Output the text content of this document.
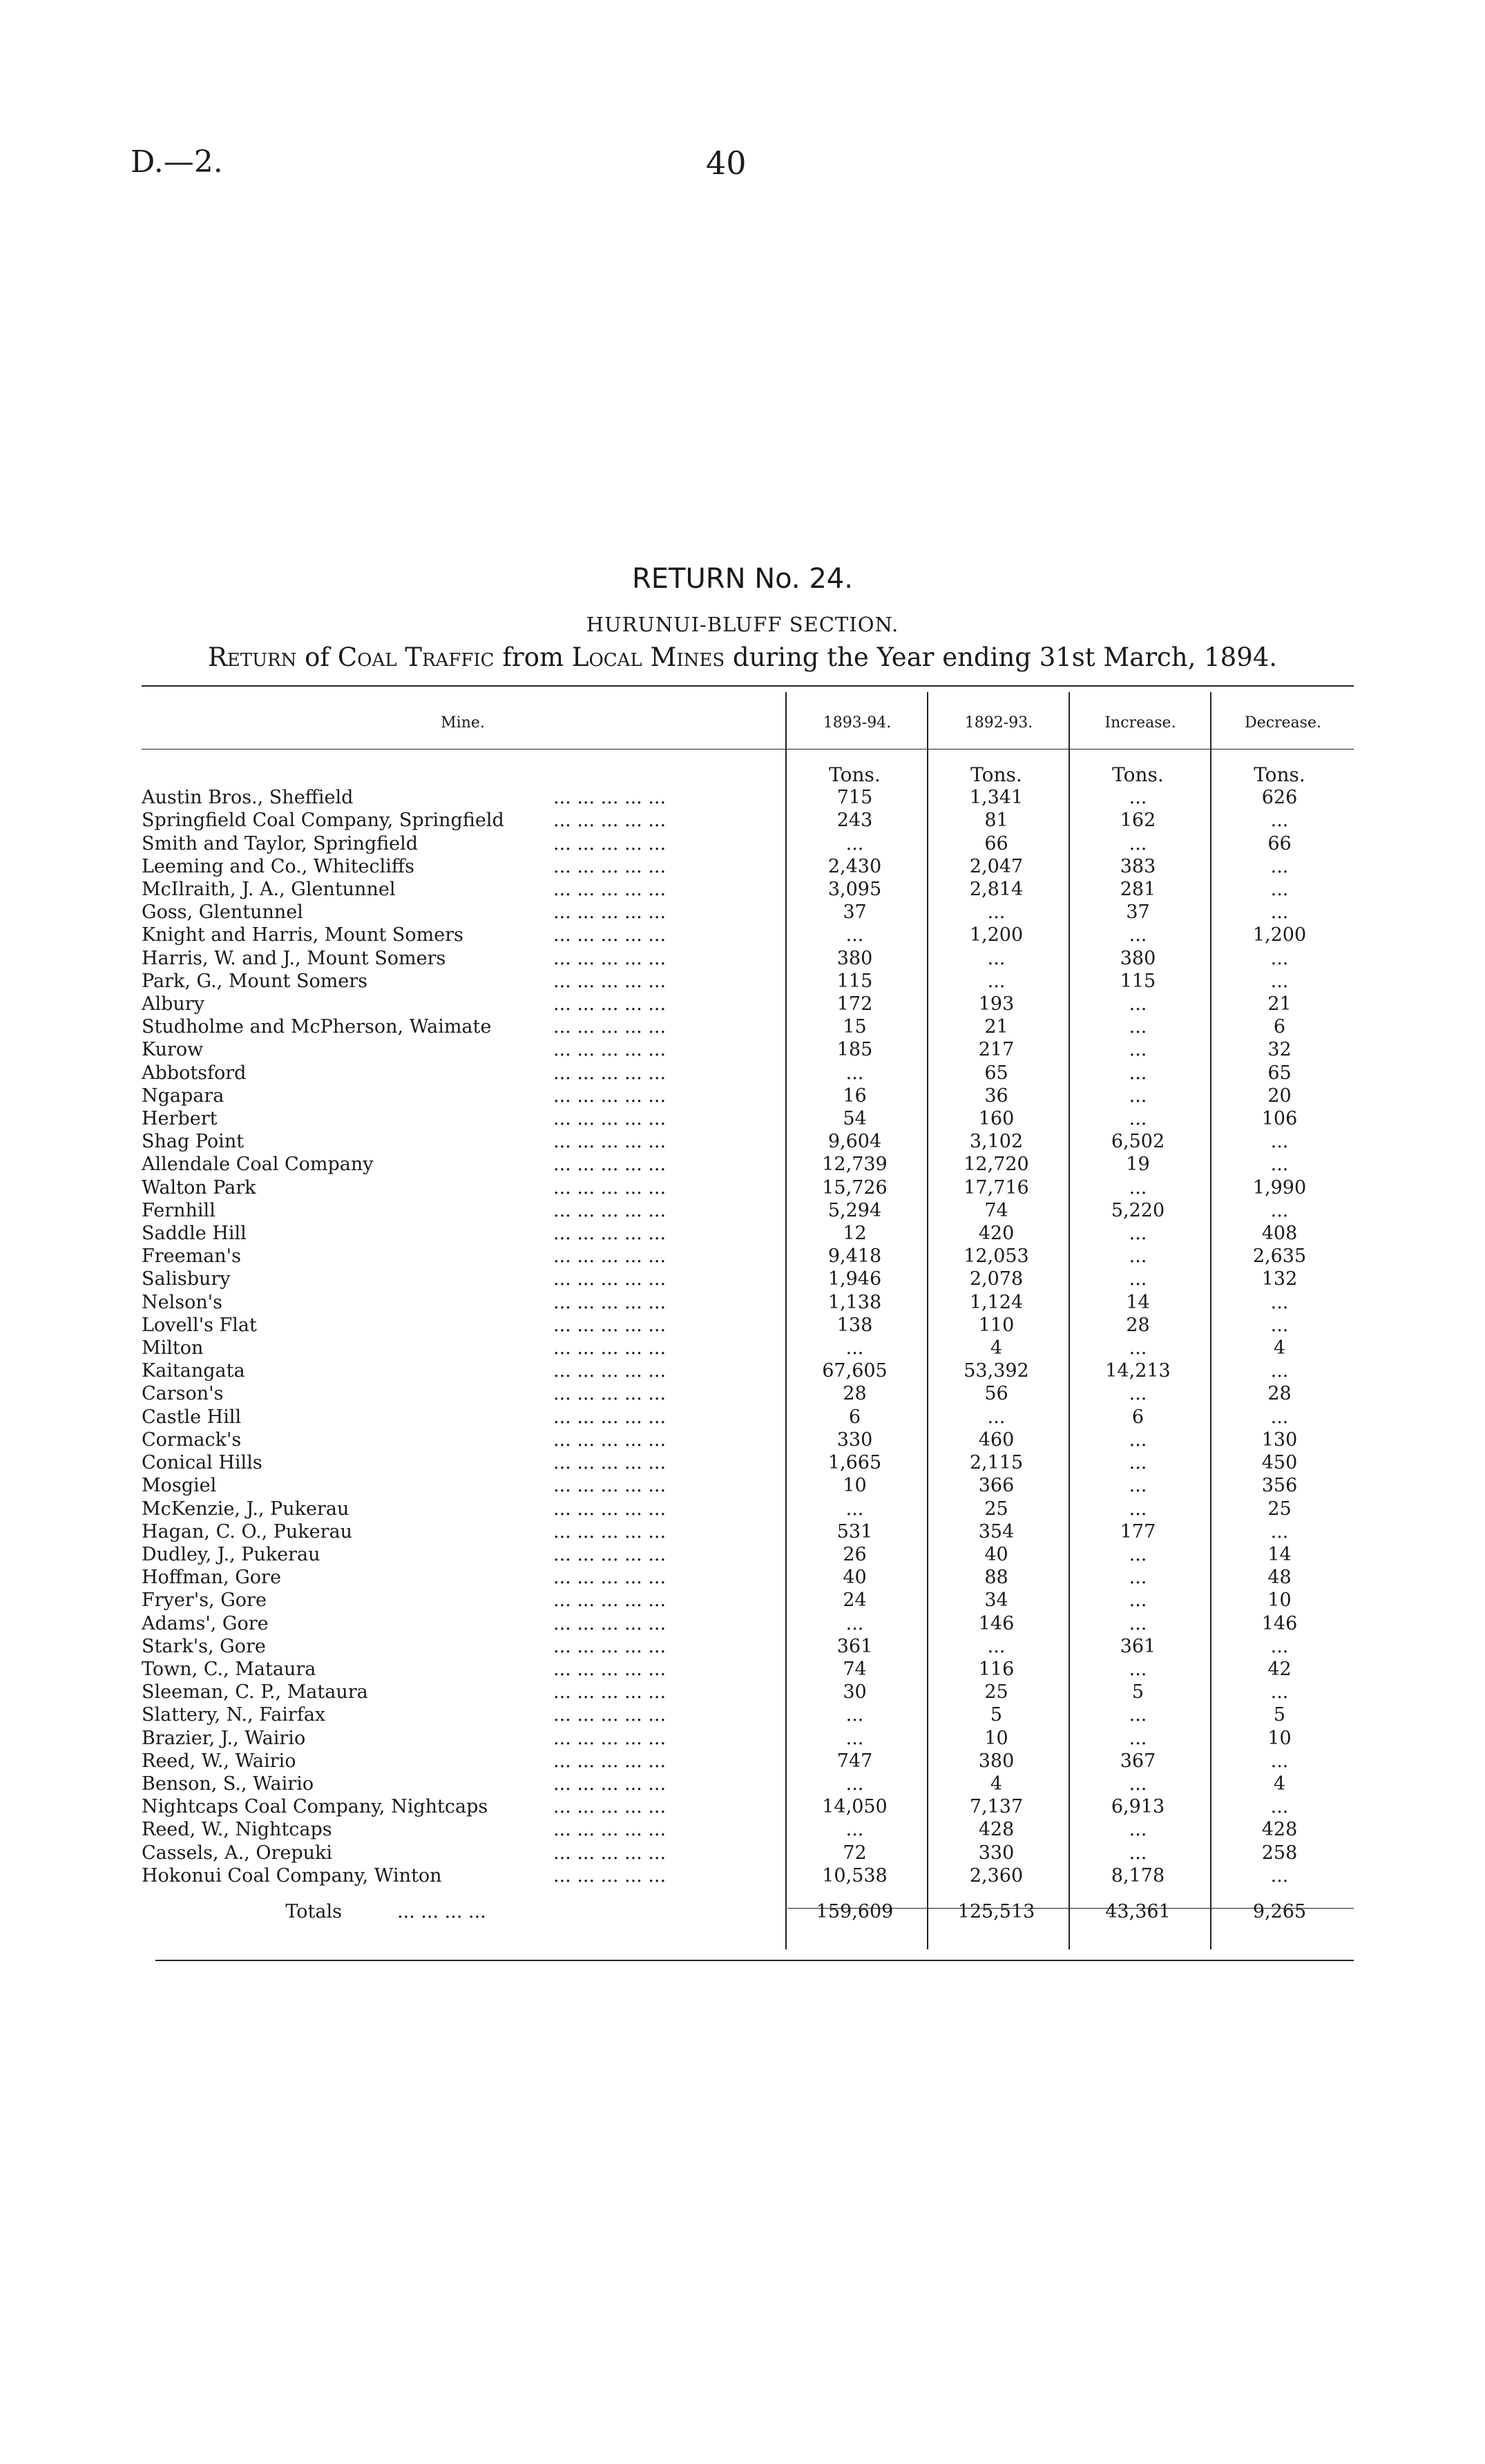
D.—2.	40
RETURN No. 24.
HURUNUI-BLUFF SECTION.
Return of Coal Traffic from Local Mines during the Year ending 31st March, 1894.
Mine.	1893-94.	1892-93.	Increase.	Decrease.
	Tons.	Tons.	Tons.	Tons.
Austin Bros., Sheffield ... ... ... ... ...	715	1,341	...	626
Springfield Coal Company, Springfield ... ... ... ... ...	243	81	162	...
Smith and Taylor, Springfield ... ... ... ... ...	...	66	...	66
Leeming and Co., Whitecliffs ... ... ... ... ...	2,430	2,047	383	...
McIlraith, J. A., Glentunnel ... ... ... ... ...	3,095	2,814	281	...
Goss, Glentunnel ... ... ... ... ...	37	...	37	...
Knight and Harris, Mount Somers ... ... ... ... ...	...	1,200	...	1,200
Harris, W. and J., Mount Somers ... ... ... ... ...	380	...	380	...
Park, G., Mount Somers ... ... ... ... ...	115	...	115	...
Albury ... ... ... ... ...	172	193	...	21
Studholme and McPherson, Waimate ... ... ... ... ...	15	21	...	6
Kurow ... ... ... ... ...	185	217	...	32
Abbotsford ... ... ... ... ...	...	65	...	65
Ngapara ... ... ... ... ...	16	36	...	20
Herbert ... ... ... ... ...	54	160	...	106
Shag Point ... ... ... ... ...	9,604	3,102	6,502	...
Allendale Coal Company ... ... ... ... ...	12,739	12,720	19	...
Walton Park ... ... ... ... ...	15,726	17,716	...	1,990
Fernhill ... ... ... ... ...	5,294	74	5,220	...
Saddle Hill ... ... ... ... ...	12	420	...	408
Freeman's ... ... ... ... ...	9,418	12,053	...	2,635
Salisbury ... ... ... ... ...	1,946	2,078	...	132
Nelson's ... ... ... ... ...	1,138	1,124	14	...
Lovell's Flat ... ... ... ... ...	138	110	28	...
Milton ... ... ... ... ...	...	4	...	4
Kaitangata ... ... ... ... ...	67,605	53,392	14,213	...
Carson's ... ... ... ... ...	28	56	...	28
Castle Hill ... ... ... ... ...	6	...	6	...
Cormack's ... ... ... ... ...	330	460	...	130
Conical Hills ... ... ... ... ...	1,665	2,115	...	450
Mosgiel ... ... ... ... ...	10	366	...	356
McKenzie, J., Pukerau ... ... ... ... ...	...	25	...	25
Hagan, C. O., Pukerau ... ... ... ... ...	531	354	177	...
Dudley, J., Pukerau ... ... ... ... ...	26	40	...	14
Hoffman, Gore ... ... ... ... ...	40	88	...	48
Fryer's, Gore ... ... ... ... ...	24	34	...	10
Adams', Gore ... ... ... ... ...	...	146	...	146
Stark's, Gore ... ... ... ... ...	361	...	361	...
Town, C., Mataura ... ... ... ... ...	74	116	...	42
Sleeman, C. P., Mataura ... ... ... ... ...	30	25	5	...
Slattery, N., Fairfax ... ... ... ... ...	...	5	...	5
Brazier, J., Wairio ... ... ... ... ...	...	10	...	10
Reed, W., Wairio ... ... ... ... ...	747	380	367	...
Benson, S., Wairio ... ... ... ... ...	...	4	...	4
Nightcaps Coal Company, Nightcaps ... ... ... ... ...	14,050	7,137	6,913	...
Reed, W., Nightcaps ... ... ... ... ...	...	428	...	428
Cassels, A., Orepuki ... ... ... ... ...	72	330	...	258
Hokonui Coal Company, Winton ... ... ... ... ...	10,538	2,360	8,178	...
Totals ... ... ... ...	159,609	125,513	43,361	9,265
